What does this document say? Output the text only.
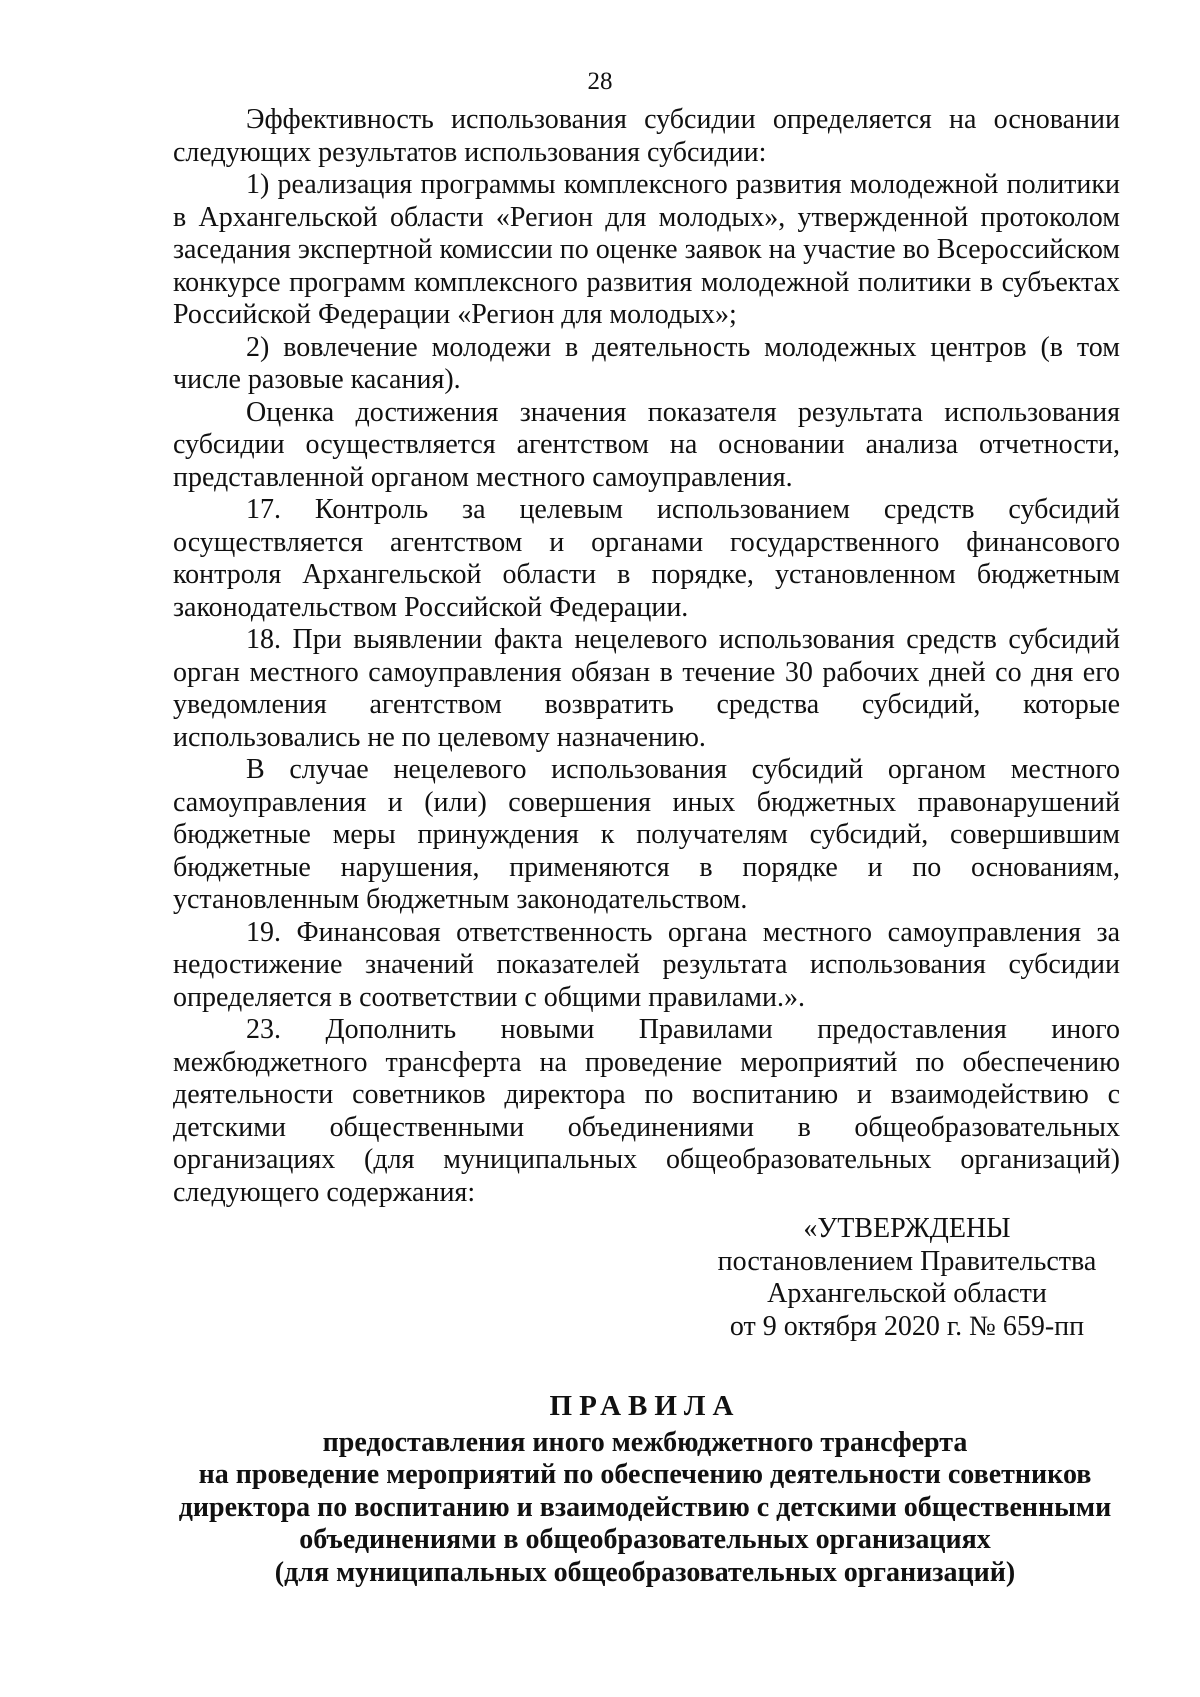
28

Эффективность использования субсидии определяется на основании следующих результатов использования субсидии:

1) реализация программы комплексного развития молодежной политики в Архангельской области «Регион для молодых», утвержденной протоколом заседания экспертной комиссии по оценке заявок на участие во Всероссийском конкурсе программ комплексного развития молодежной политики в субъектах Российской Федерации «Регион для молодых»;

2) вовлечение молодежи в деятельность молодежных центров (в том числе разовые касания).

Оценка достижения значения показателя результата использования субсидии осуществляется агентством на основании анализа отчетности, представленной органом местного самоуправления.

17. Контроль за целевым использованием средств субсидий осуществляется агентством и органами государственного финансового контроля Архангельской области в порядке, установленном бюджетным законодательством Российской Федерации.

18. При выявлении факта нецелевого использования средств субсидий орган местного самоуправления обязан в течение 30 рабочих дней со дня его уведомления агентством возвратить средства субсидий, которые использовались не по целевому назначению.

В случае нецелевого использования субсидий органом местного самоуправления и (или) совершения иных бюджетных правонарушений бюджетные меры принуждения к получателям субсидий, совершившим бюджетные нарушения, применяются в порядке и по основаниям, установленным бюджетным законодательством.

19. Финансовая ответственность органа местного самоуправления за недостижение значений показателей результата использования субсидии определяется в соответствии с общими правилами.».

23. Дополнить новыми Правилами предоставления иного межбюджетного трансферта на проведение мероприятий по обеспечению деятельности советников директора по воспитанию и взаимодействию с детскими общественными объединениями в общеобразовательных организациях (для муниципальных общеобразовательных организаций) следующего содержания:

«УТВЕРЖДЕНЫ
постановлением Правительства
Архангельской области
от 9 октября 2020 г. № 659-пп
ПРАВИЛА
предоставления иного межбюджетного трансферта
на проведение мероприятий по обеспечению деятельности советников
директора по воспитанию и взаимодействию с детскими общественными
объединениями в общеобразовательных организациях
(для муниципальных общеобразовательных организаций)
